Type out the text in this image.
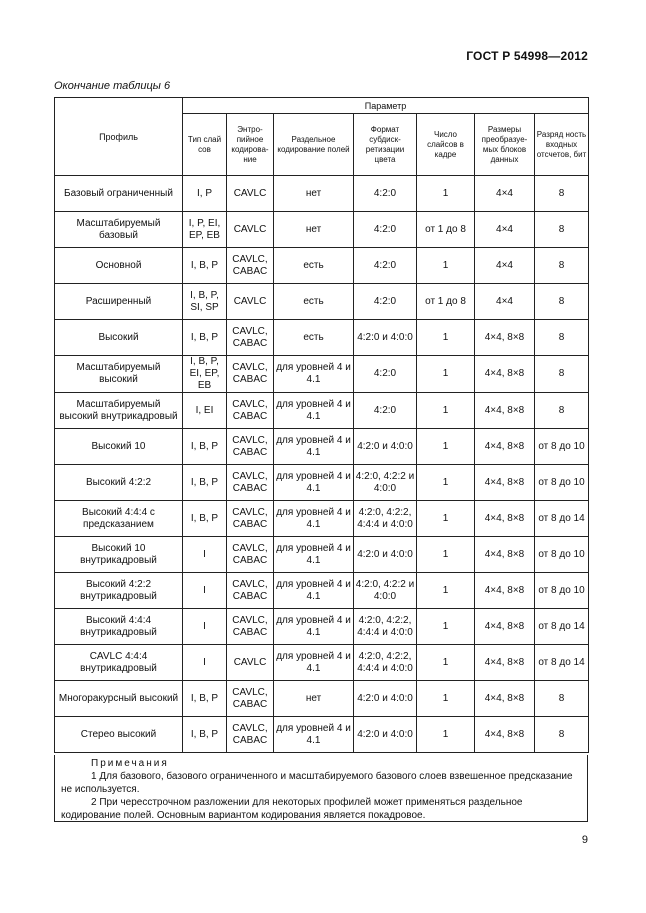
ГОСТ Р 54998—2012
Окончание таблицы 6
Профиль	Параметр						
	Тип слай сов	Энтро-пийное кодирова-ние	Раздельное кодирование полей	Формат субдиск-ретизации цвета	Число слайсов в кадре	Размеры преобразуе-мых блоков данных	Разряд ность входных отсчетов, бит
Базовый ограниченный	I, P	CAVLC	нет	4:2:0	1	4×4	8
Масштабируемый базовый	I, P, EI, EP, EB	CAVLC	нет	4:2:0	от 1 до 8	4×4	8
Основной	I, B, P	CAVLC, CABAC	есть	4:2:0	1	4×4	8
Расширенный	I, B, P, SI, SP	CAVLC	есть	4:2:0	от 1 до 8	4×4	8
Высокий	I, B, P	CAVLC, CABAC	есть	4:2:0 и 4:0:0	1	4×4, 8×8	8
Масштабируемый высокий	I, B, P, EI, EP, EB	CAVLC, CABAC	для уровней 4 и 4.1	4:2:0	1	4×4, 8×8	8
Масштабируемый высокий внутрикадровый	I, EI	CAVLC, CABAC	для уровней 4 и 4.1	4:2:0	1	4×4, 8×8	8
Высокий 10	I, B, P	CAVLC, CABAC	для уровней 4 и 4.1	4:2:0 и 4:0:0	1	4×4, 8×8	от 8 до 10
Высокий 4:2:2	I, B, P	CAVLC, CABAC	для уровней 4 и 4.1	4:2:0, 4:2:2 и 4:0:0	1	4×4, 8×8	от 8 до 10
Высокий 4:4:4 с предсказанием	I, B, P	CAVLC, CABAC	для уровней 4 и 4.1	4:2:0, 4:2:2, 4:4:4 и 4:0:0	1	4×4, 8×8	от 8 до 14
Высокий 10 внутрикадровый	I	CAVLC, CABAC	для уровней 4 и 4.1	4:2:0 и 4:0:0	1	4×4, 8×8	от 8 до 10
Высокий 4:2:2 внутрикадровый	I	CAVLC, CABAC	для уровней 4 и 4.1	4:2:0, 4:2:2 и 4:0:0	1	4×4, 8×8	от 8 до 10
Высокий 4:4:4 внутрикадровый	I	CAVLC, CABAC	для уровней 4 и 4.1	4:2:0, 4:2:2, 4:4:4 и 4:0:0	1	4×4, 8×8	от 8 до 14
CAVLC 4:4:4 внутрикадровый	I	CAVLC	для уровней 4 и 4.1	4:2:0, 4:2:2, 4:4:4 и 4:0:0	1	4×4, 8×8	от 8 до 14
Многоракурсный высокий	I, B, P	CAVLC, CABAC	нет	4:2:0 и 4:0:0	1	4×4, 8×8	8
Стерео высокий	I, B, P	CAVLC, CABAC	для уровней 4 и 4.1	4:2:0 и 4:0:0	1	4×4, 8×8	8
Примечания

1 Для базового, базового ограниченного и масштабируемого базового слоев взвешенное предсказание не используется.

2 При чересстрочном разложении для некоторых профилей может применяться раздельное кодирование полей. Основным вариантом кодирования является покадровое.

9
